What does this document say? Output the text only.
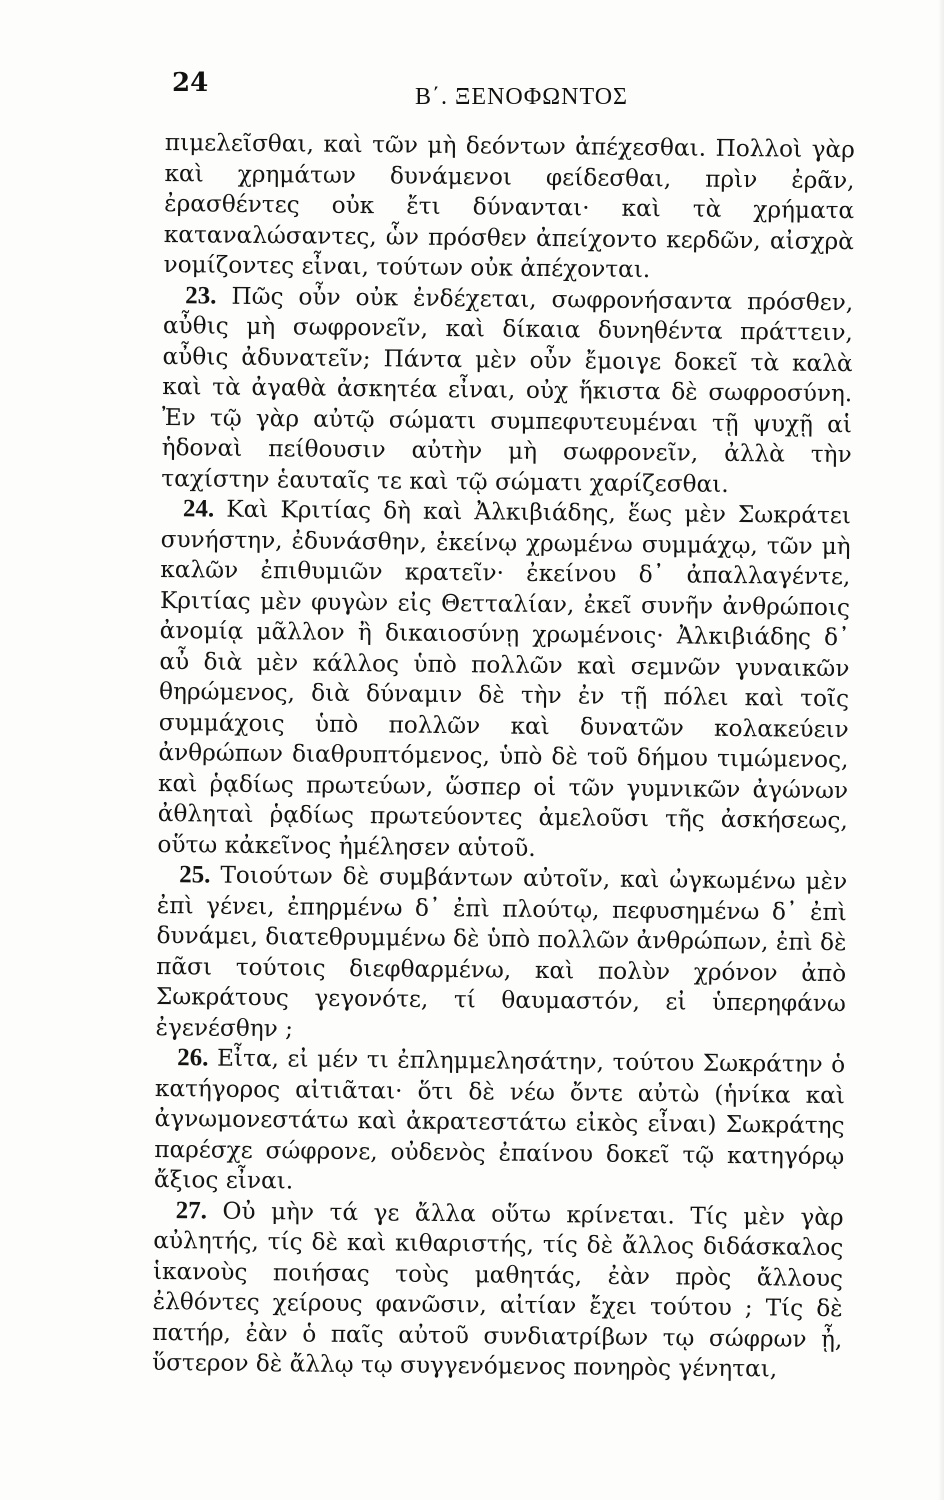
24	Β΄. ΞΕΝΟΦΩΝΤΟΣ

πιμελεῖσθαι, καὶ τῶν μὴ δεόντων ἀπέχεσθαι. Πολλοὶ γὰρ καὶ χρημάτων δυνάμενοι φείδεσθαι, πρὶν ἐρᾶν, ἐρασθέντες οὐκ ἔτι δύνανται· καὶ τὰ χρήματα καταναλώσαντες, ὧν πρόσθεν ἀπείχοντο κερδῶν, αἰσχρὰ νομίζοντες εἶναι, τούτων οὐκ ἀπέχονται.

23. Πῶς οὖν οὐκ ἐνδέχεται, σωφρονήσαντα πρόσθεν, αὖθις μὴ σωφρονεῖν, καὶ δίκαια δυνηθέντα πράττειν, αὖθις ἀδυνατεῖν; Πάντα μὲν οὖν ἔμοιγε δοκεῖ τὰ καλὰ καὶ τὰ ἀγαθὰ ἀσκητέα εἶναι, οὐχ ἥκιστα δὲ σωφροσύνη. Ἐν τῷ γὰρ αὐτῷ σώματι συμπεφυτευμέναι τῇ ψυχῇ αἱ ἡδοναὶ πείθουσιν αὐτὴν μὴ σωφρονεῖν, ἀλλὰ τὴν ταχίστην ἑαυταῖς τε καὶ τῷ σώματι χαρίζεσθαι.

24. Καὶ Κριτίας δὴ καὶ Ἀλκιβιάδης, ἕως μὲν Σωκράτει συνήστην, ἐδυνάσθην, ἐκείνῳ χρωμένω συμμάχῳ, τῶν μὴ καλῶν ἐπιθυμιῶν κρατεῖν· ἐκείνου δ᾿ ἀπαλλαγέντε, Κριτίας μὲν φυγὼν εἰς Θετταλίαν, ἐκεῖ συνῆν ἀνθρώποις ἀνομίᾳ μᾶλλον ἢ δικαιοσύνῃ χρωμένοις· Ἀλκιβιάδης δ᾿ αὖ διὰ μὲν κάλλος ὑπὸ πολλῶν καὶ σεμνῶν γυναικῶν θηρώμενος, διὰ δύναμιν δὲ τὴν ἐν τῇ πόλει καὶ τοῖς συμμάχοις ὑπὸ πολλῶν καὶ δυνατῶν κολακεύειν ἀνθρώπων διαθρυπτόμενος, ὑπὸ δὲ τοῦ δήμου τιμώμενος, καὶ ῥᾳδίως πρωτεύων, ὥσπερ οἱ τῶν γυμνικῶν ἀγώνων ἀθληταὶ ῥᾳδίως πρωτεύοντες ἀμελοῦσι τῆς ἀσκήσεως, οὕτω κἀκεῖνος ἠμέλησεν αὑτοῦ.

25. Τοιούτων δὲ συμβάντων αὐτοῖν, καὶ ὠγκωμένω μὲν ἐπὶ γένει, ἐπηρμένω δ᾿ ἐπὶ πλούτῳ, πεφυσημένω δ᾿ ἐπὶ δυνάμει, διατεθρυμμένω δὲ ὑπὸ πολλῶν ἀνθρώπων, ἐπὶ δὲ πᾶσι τούτοις διεφθαρμένω, καὶ πολὺν χρόνον ἀπὸ Σωκράτους γεγονότε, τί θαυμαστόν, εἰ ὑπερηφάνω ἐγενέσθην ;

26. Εἶτα, εἰ μέν τι ἐπλημμελησάτην, τούτου Σωκράτην ὁ κατήγορος αἰτιᾶται· ὅτι δὲ νέω ὄντε αὐτὼ (ἡνίκα καὶ ἀγνωμονεστάτω καὶ ἀκρατεστάτω εἰκὸς εἶναι) Σωκράτης παρέσχε σώφρονε, οὐδενὸς ἐπαίνου δοκεῖ τῷ κατηγόρῳ ἄξιος εἶναι.

27. Οὐ μὴν τά γε ἄλλα οὕτω κρίνεται. Τίς μὲν γὰρ αὐλητής, τίς δὲ καὶ κιθαριστής, τίς δὲ ἄλλος διδάσκαλος ἱκανοὺς ποιήσας τοὺς μαθητάς, ἐὰν πρὸς ἄλλους ἐλθόντες χείρους φανῶσιν, αἰτίαν ἔχει τούτου ; Τίς δὲ πατήρ, ἐὰν ὁ παῖς αὐτοῦ συνδιατρίβων τῳ σώφρων ᾖ, ὕστερον δὲ ἄλλῳ τῳ συγγενόμενος πονηρὸς γένηται,
